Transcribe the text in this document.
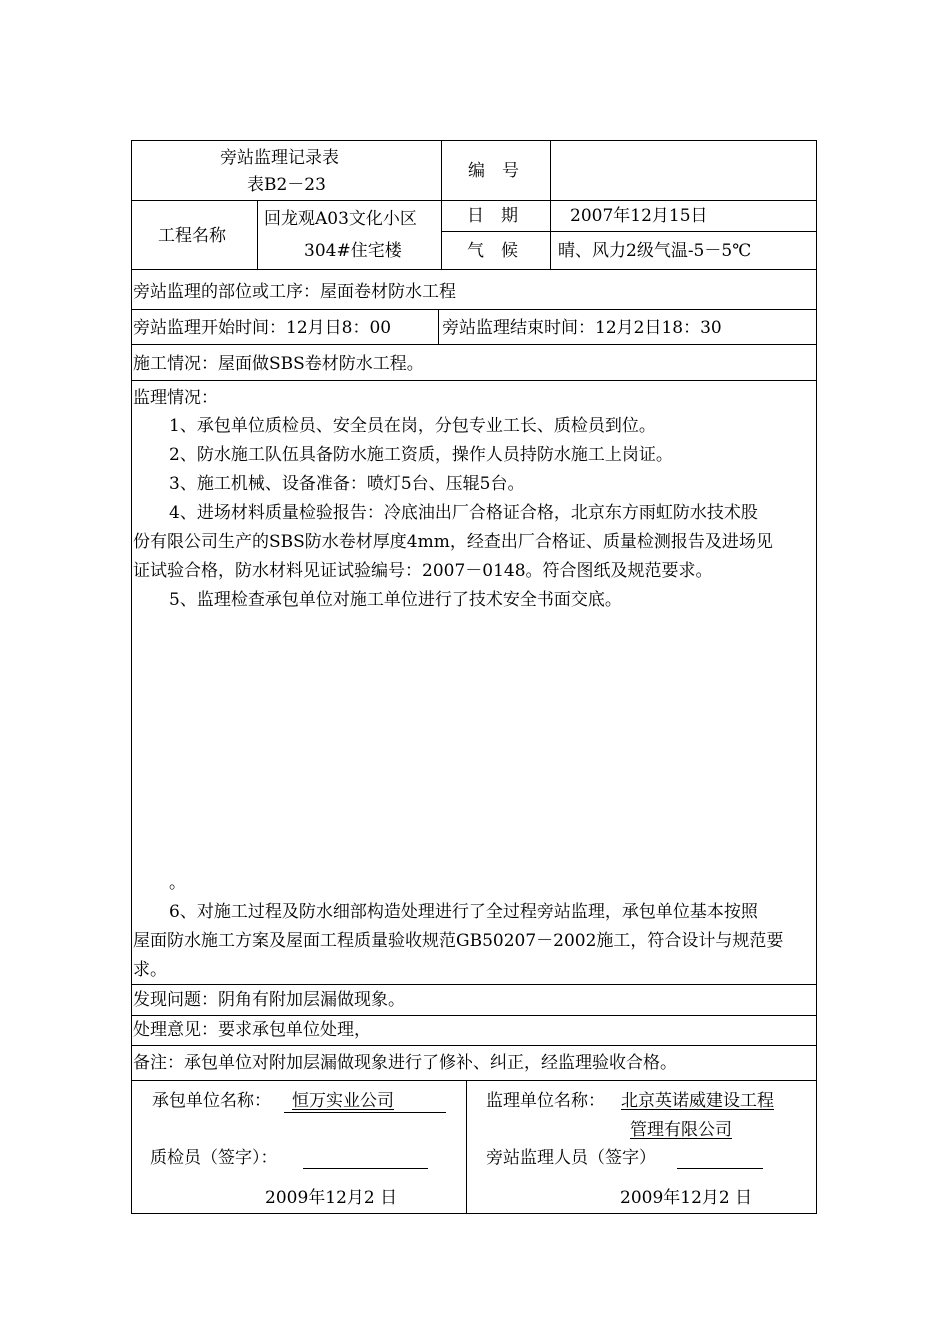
旁站监理记录表
表B2－23
编　号
工程名称
回龙观A03文化小区
304#住宅楼
日　期	2007年12月15日
气　候 晴、风力2级气温-5－5℃
旁站监理的部位或工序：屋面卷材防水工程
旁站监理开始时间：12月日8：00	旁站监理结束时间：12月2日18：30
施工情况：屋面做SBS卷材防水工程。
监理情况：
1、承包单位质检员、安全员在岗，分包专业工长、质检员到位。
2、防水施工队伍具备防水施工资质，操作人员持防水施工上岗证。
3、施工机械、设备准备：喷灯5台、压辊5台。
4、进场材料质量检验报告：冷底油出厂合格证合格，北京东方雨虹防水技术股
份有限公司生产的SBS防水卷材厚度4mm，经查出厂合格证、质量检测报告及进场见
证试验合格，防水材料见证试验编号：2007－0148。符合图纸及规范要求。
5、监理检查承包单位对施工单位进行了技术安全书面交底。
。
6、对施工过程及防水细部构造处理进行了全过程旁站监理，承包单位基本按照
屋面防水施工方案及屋面工程质量验收规范GB50207－2002施工，符合设计与规范要
求。
发现问题：阴角有附加层漏做现象。
处理意见：要求承包单位处理，
备注：承包单位对附加层漏做现象进行了修补、纠正，经监理验收合格。
承包单位名称： 恒万实业公司
质检员（签字）：
2009年12月2 日
监理单位名称： 北京英诺威建设工程
管理有限公司
旁站监理人员（签字）
2009年12月2 日
